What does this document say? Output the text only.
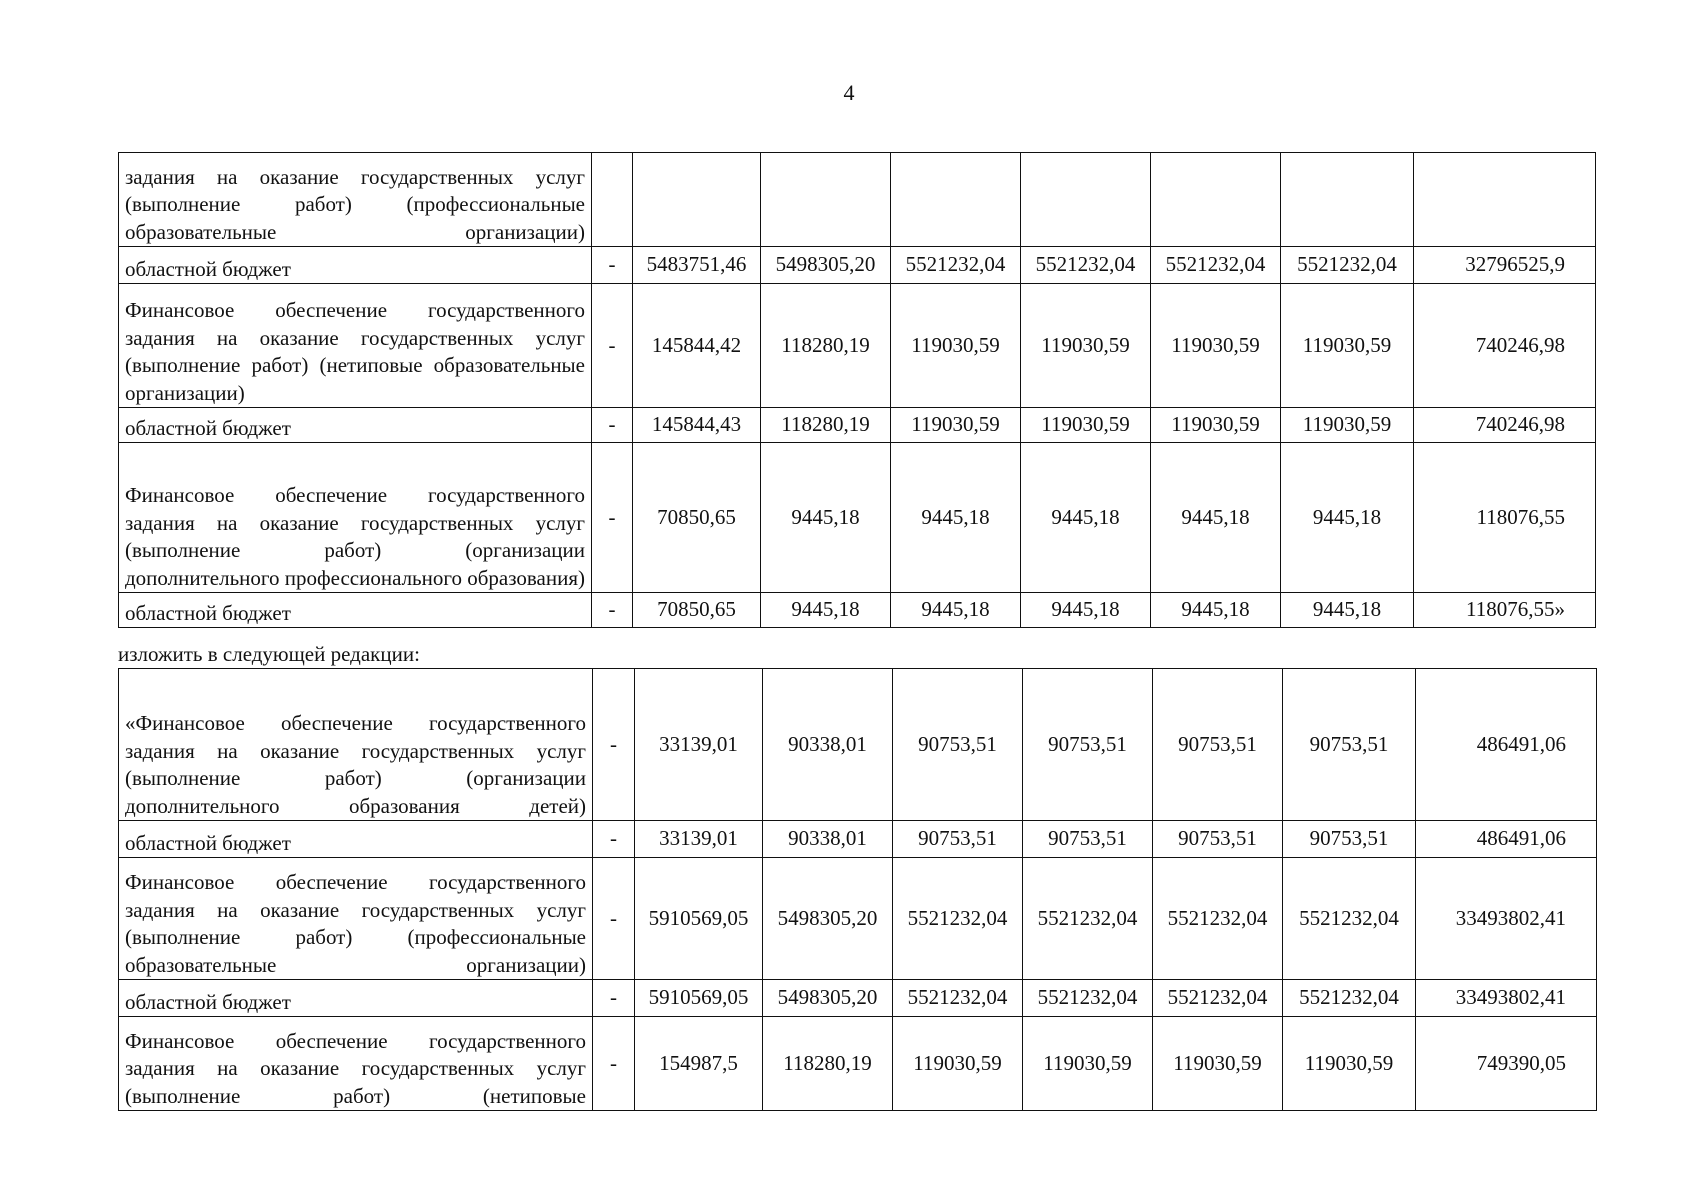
4
задания на оказание государственных услуг (выполнение работ) (профессиональные образовательные организации)								
областной бюджет	-	5483751,46	5498305,20	5521232,04	5521232,04	5521232,04	5521232,04	32796525,9
Финансовое обеспечение государственного задания на оказание государственных услуг (выполнение работ) (нетиповые образовательные организации)	-	145844,42	118280,19	119030,59	119030,59	119030,59	119030,59	740246,98
областной бюджет	-	145844,43	118280,19	119030,59	119030,59	119030,59	119030,59	740246,98
Финансовое обеспечение государственного задания на оказание государственных услуг (выполнение работ) (организации дополнительного профессионального образования)	-	70850,65	9445,18	9445,18	9445,18	9445,18	9445,18	118076,55
областной бюджет	-	70850,65	9445,18	9445,18	9445,18	9445,18	9445,18	118076,55»
изложить в следующей редакции:
«Финансовое обеспечение государственного задания на оказание государственных услуг (выполнение работ) (организации дополнительного образования детей)	-	33139,01	90338,01	90753,51	90753,51	90753,51	90753,51	486491,06
областной бюджет	-	33139,01	90338,01	90753,51	90753,51	90753,51	90753,51	486491,06
Финансовое обеспечение государственного задания на оказание государственных услуг (выполнение работ) (профессиональные образовательные организации)	-	5910569,05	5498305,20	5521232,04	5521232,04	5521232,04	5521232,04	33493802,41
областной бюджет	-	5910569,05	5498305,20	5521232,04	5521232,04	5521232,04	5521232,04	33493802,41
Финансовое обеспечение государственного задания на оказание государственных услуг (выполнение работ) (нетиповые	-	154987,5	118280,19	119030,59	119030,59	119030,59	119030,59	749390,05
